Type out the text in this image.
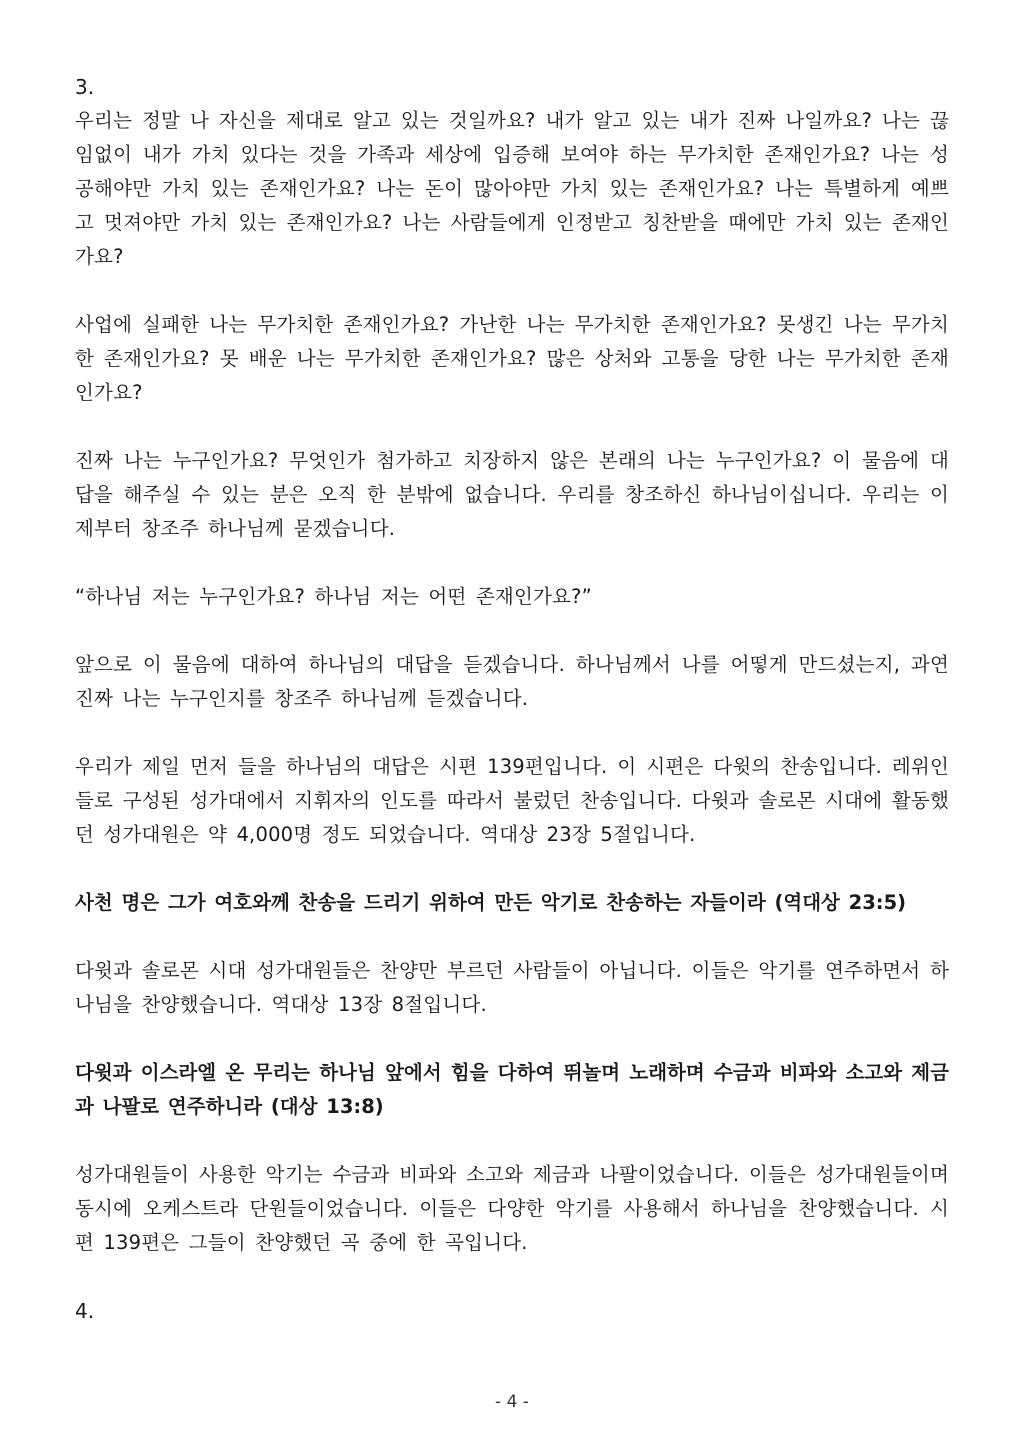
3.
우리는 정말 나 자신을 제대로 알고 있는 것일까요? 내가 알고 있는 내가 진짜 나일까요? 나는 끊임없이 내가 가치 있다는 것을 가족과 세상에 입증해 보여야 하는 무가치한 존재인가요? 나는 성공해야만 가치 있는 존재인가요? 나는 돈이 많아야만 가치 있는 존재인가요? 나는 특별하게 예쁘고 멋져야만 가치 있는 존재인가요? 나는 사람들에게 인정받고 칭찬받을 때에만 가치 있는 존재인가요?
사업에 실패한 나는 무가치한 존재인가요? 가난한 나는 무가치한 존재인가요? 못생긴 나는 무가치한 존재인가요? 못 배운 나는 무가치한 존재인가요? 많은 상처와 고통을 당한 나는 무가치한 존재인가요?
진짜 나는 누구인가요? 무엇인가 첨가하고 치장하지 않은 본래의 나는 누구인가요? 이 물음에 대답을 해주실 수 있는 분은 오직 한 분밖에 없습니다. 우리를 창조하신 하나님이십니다. 우리는 이제부터 창조주 하나님께 묻겠습니다.
“하나님 저는 누구인가요? 하나님 저는 어떤 존재인가요?”
앞으로 이 물음에 대하여 하나님의 대답을 듣겠습니다. 하나님께서 나를 어떻게 만드셨는지, 과연 진짜 나는 누구인지를 창조주 하나님께 듣겠습니다.
우리가 제일 먼저 들을 하나님의 대답은 시편 139편입니다. 이 시편은 다윗의 찬송입니다. 레위인들로 구성된 성가대에서 지휘자의 인도를 따라서 불렀던 찬송입니다. 다윗과 솔로몬 시대에 활동했던 성가대원은 약 4,000명 정도 되었습니다. 역대상 23장 5절입니다.
사천 명은 그가 여호와께 찬송을 드리기 위하여 만든 악기로 찬송하는 자들이라 (역대상 23:5)
다윗과 솔로몬 시대 성가대원들은 찬양만 부르던 사람들이 아닙니다. 이들은 악기를 연주하면서 하나님을 찬양했습니다. 역대상 13장 8절입니다.
다윗과 이스라엘 온 무리는 하나님 앞에서 힘을 다하여 뛰놀며 노래하며 수금과 비파와 소고와 제금과 나팔로 연주하니라 (대상 13:8)
성가대원들이 사용한 악기는 수금과 비파와 소고와 제금과 나팔이었습니다. 이들은 성가대원들이며 동시에 오케스트라 단원들이었습니다. 이들은 다양한 악기를 사용해서 하나님을 찬양했습니다. 시편 139편은 그들이 찬양했던 곡 중에 한 곡입니다.
4.
- 4 -
